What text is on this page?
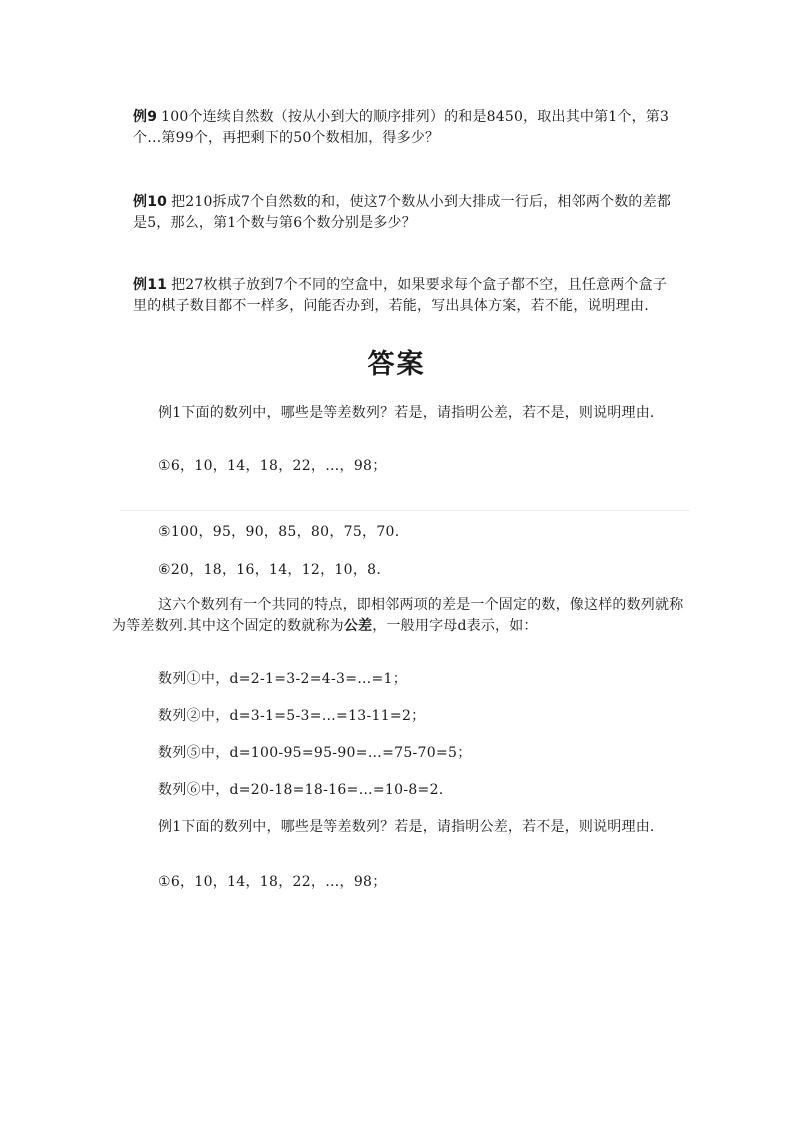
例9 100个连续自然数（按从小到大的顺序排列）的和是8450，取出其中第1个，第3个…第99个，再把剩下的50个数相加，得多少？
例10 把210拆成7个自然数的和，使这7个数从小到大排成一行后，相邻两个数的差都是5，那么，第1个数与第6个数分别是多少？
例11 把27枚棋子放到7个不同的空盒中，如果要求每个盒子都不空，且任意两个盒子里的棋子数目都不一样多，问能否办到，若能，写出具体方案，若不能，说明理由.
答案
例1下面的数列中，哪些是等差数列？若是，请指明公差，若不是，则说明理由.
①6，10，14，18，22，…，98；
⑤100，95，90，85，80，75，70.
⑥20，18，16，14，12，10，8.
这六个数列有一个共同的特点，即相邻两项的差是一个固定的数，像这样的数列就称为等差数列.其中这个固定的数就称为公差，一般用字母d表示，如：
数列①中，d=2-1=3-2=4-3=…=1；
数列②中，d=3-1=5-3=…=13-11=2；
数列⑤中，d=100-95=95-90=…=75-70=5；
数列⑥中，d=20-18=18-16=…=10-8=2.
例1下面的数列中，哪些是等差数列？若是，请指明公差，若不是，则说明理由.
①6，10，14，18，22，…，98；
